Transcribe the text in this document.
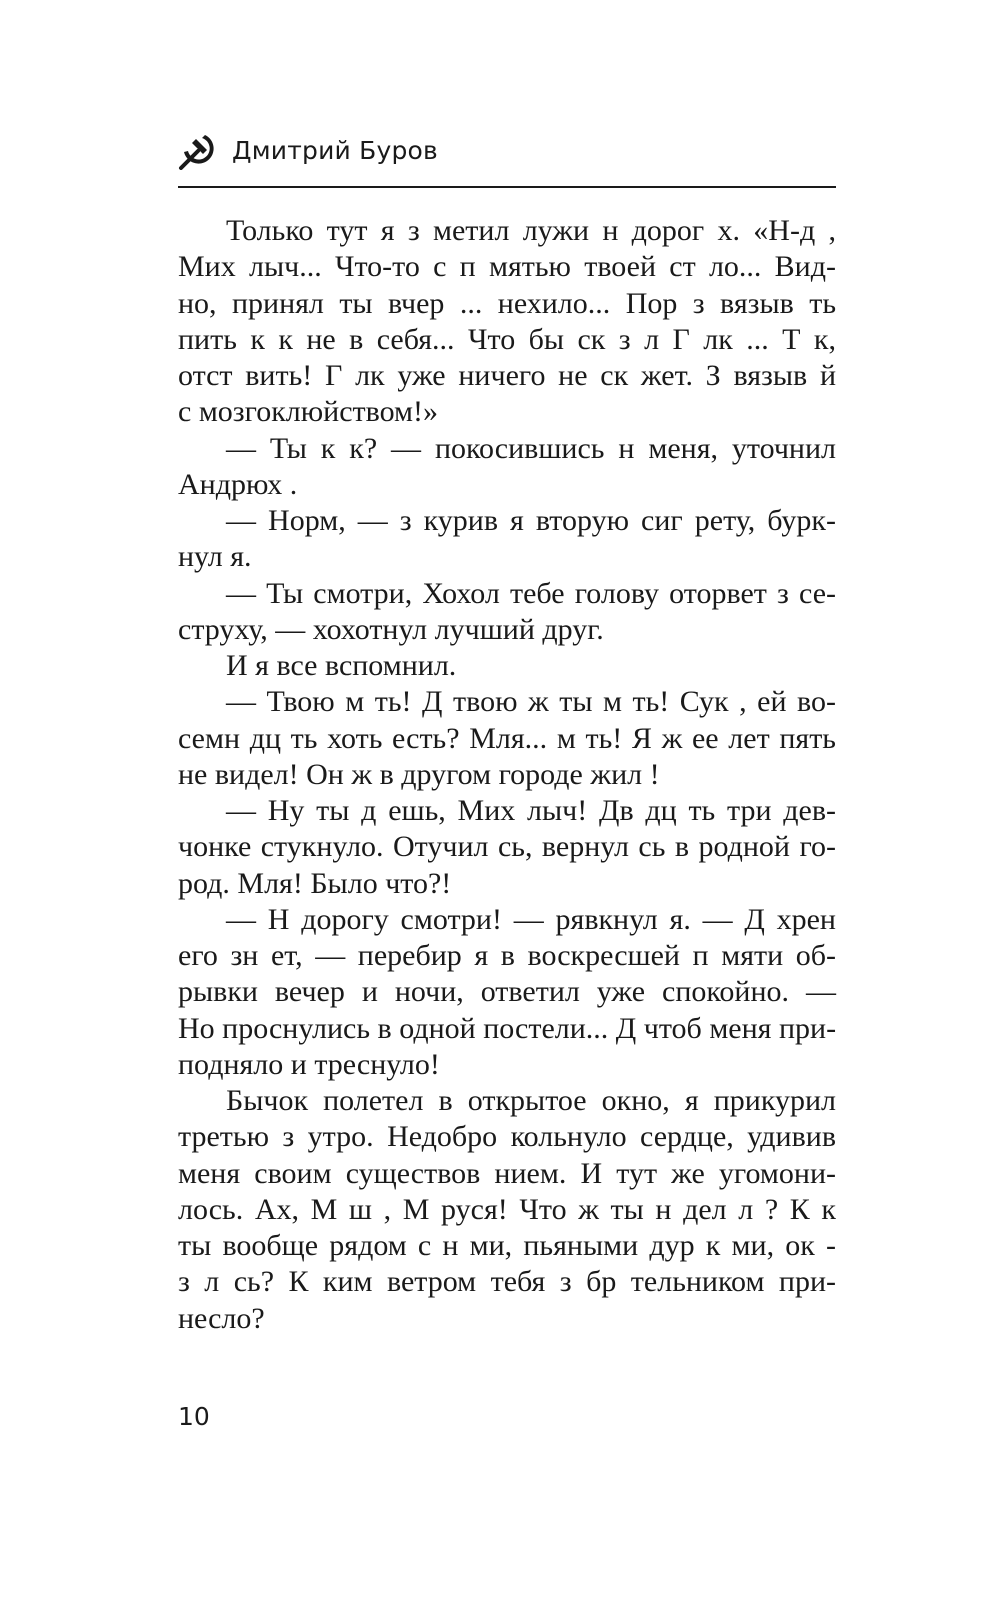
Дмитрий Буров
Только тут я з метил лужи н дорог х. «Н-д ,
Мих лыч... Что-то с п мятью твоей ст ло... Вид-
но, принял ты вчер ... нехило... Пор з вязыв ть
пить к к не в себя... Что бы ск з л Г лк ... Т к,
отст вить! Г лк уже ничего не ск жет. З вязыв й
с мозгоклюйством!»
— Ты к к? — покосившись н меня, уточнил
Андрюх .
— Норм, — з курив я вторую сиг рету, бурк-
нул я.
— Ты смотри, Хохол тебе голову оторвет з се-
струху, — хохотнул лучший друг.
И я все вспомнил.
— Твою м ть! Д твою ж ты м ть! Сук , ей во-
семн дц ть хоть есть? Мля... м ть! Я ж ее лет пять
не видел! Он ж в другом городе жил !
— Ну ты д ешь, Мих лыч! Дв дц ть три дев-
чонке стукнуло. Отучил сь, вернул сь в родной го-
род. Мля! Было что?!
— Н дорогу смотри! — рявкнул я. — Д хрен
его зн ет, — перебир я в воскресшей п мяти об-
рывки вечер и ночи, ответил уже спокойно. —
Но проснулись в одной постели... Д чтоб меня при-
подняло и треснуло!
Бычок полетел в открытое окно, я прикурил
третью з утро. Недобро кольнуло сердце, удивив
меня своим существов нием. И тут же угомони-
лось. Ах, М ш , М руся! Что ж ты н дел л ? К к
ты вообще рядом с н ми, пьяными дур к ми, ок -
з л сь? К ким ветром тебя з бр тельником при-
несло?
10
